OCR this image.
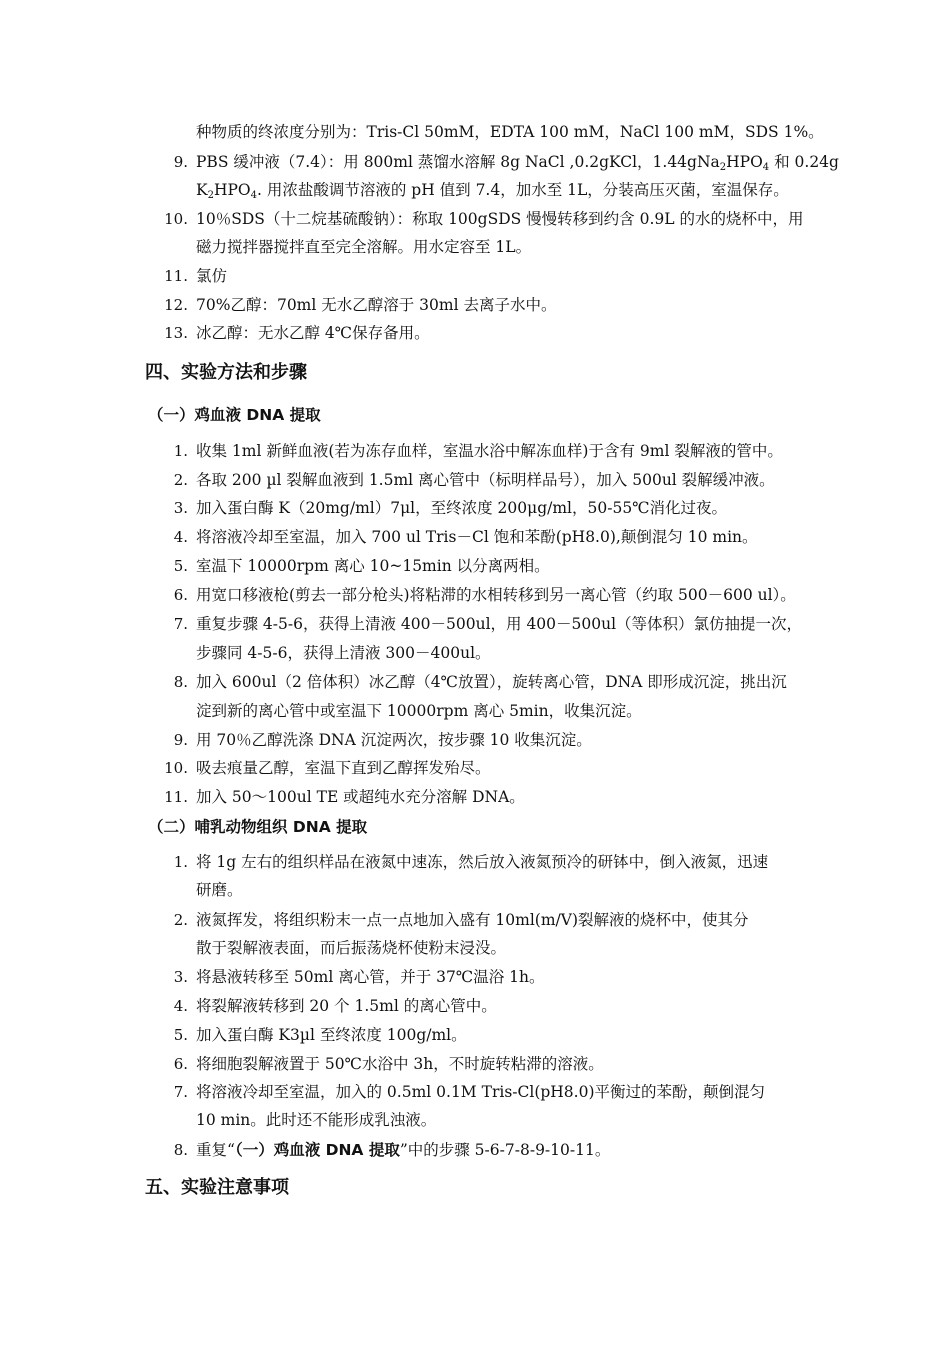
种物质的终浓度分别为：Tris-Cl 50mM，EDTA 100 mM，NaCl 100 mM，SDS 1%。
9. PBS 缓冲液（7.4）：用 800ml 蒸馏水溶解 8g NaCl ,0.2gKCl，$1.44gNa_2HPO_4$ 和 0.24g
$K_2HPO_4$. 用浓盐酸调节溶液的 pH 值到 7.4，加水至 1L，分装高压灭菌，室温保存。
10. 10％SDS（十二烷基硫酸钠）：称取 100gSDS 慢慢转移到约含 0.9L 的水的烧杯中，用
磁力搅拌器搅拌直至完全溶解。用水定容至 1L。
11. 氯仿
12. 70%乙醇：70ml 无水乙醇溶于 30ml 去离子水中。
13. 冰乙醇：无水乙醇 4℃保存备用。
四、实验方法和步骤
（一）鸡血液 DNA 提取
1. 收集 1ml 新鲜血液(若为冻存血样，室温水浴中解冻血样)于含有 9ml 裂解液的管中。
2. 各取 200 µl 裂解血液到 1.5ml 离心管中（标明样品号），加入 500ul 裂解缓冲液。
3. 加入蛋白酶 K（20mg/ml）7μl，至终浓度 200μg/ml，50-55℃消化过夜。
4. 将溶液冷却至室温，加入 700 ul Tris－Cl 饱和苯酚(pH8.0),颠倒混匀 10 min。
5. 室温下 10000rpm 离心 10~15min 以分离两相。
6. 用宽口移液枪(剪去一部分枪头)将粘滞的水相转移到另一离心管（约取 500－600 ul）。
7. 重复步骤 4-5-6，获得上清液 400－500ul，用 400－500ul（等体积）氯仿抽提一次，
步骤同 4-5-6，获得上清液 300－400ul。
8. 加入 600ul（2 倍体积）冰乙醇（4℃放置），旋转离心管，DNA 即形成沉淀，挑出沉
淀到新的离心管中或室温下 10000rpm 离心 5min，收集沉淀。
9. 用 70％乙醇洗涤 DNA 沉淀两次，按步骤 10 收集沉淀。
10. 吸去痕量乙醇，室温下直到乙醇挥发殆尽。
11. 加入 50～100ul TE 或超纯水充分溶解 DNA。
（二）哺乳动物组织 DNA 提取
1. 将 1g 左右的组织样品在液氮中速冻，然后放入液氮预冷的研钵中，倒入液氮，迅速
研磨。
2. 液氮挥发，将组织粉末一点一点地加入盛有 10ml(m/V)裂解液的烧杯中，使其分
散于裂解液表面，而后振荡烧杯使粉末浸没。
3. 将悬液转移至 50ml 离心管，并于 37℃温浴 1h。
4. 将裂解液转移到 20 个 1.5ml 的离心管中。
5. 加入蛋白酶 K3µl 至终浓度 100g/ml。
6. 将细胞裂解液置于 50℃水浴中 3h，不时旋转粘滞的溶液。
7. 将溶液冷却至室温，加入的 0.5ml 0.1M Tris-Cl(pH8.0)平衡过的苯酚，颠倒混匀
10 min。此时还不能形成乳浊液。
8. 重复“（一）鸡血液 DNA 提取”中的步骤 5-6-7-8-9-10-11。
五、实验注意事项
